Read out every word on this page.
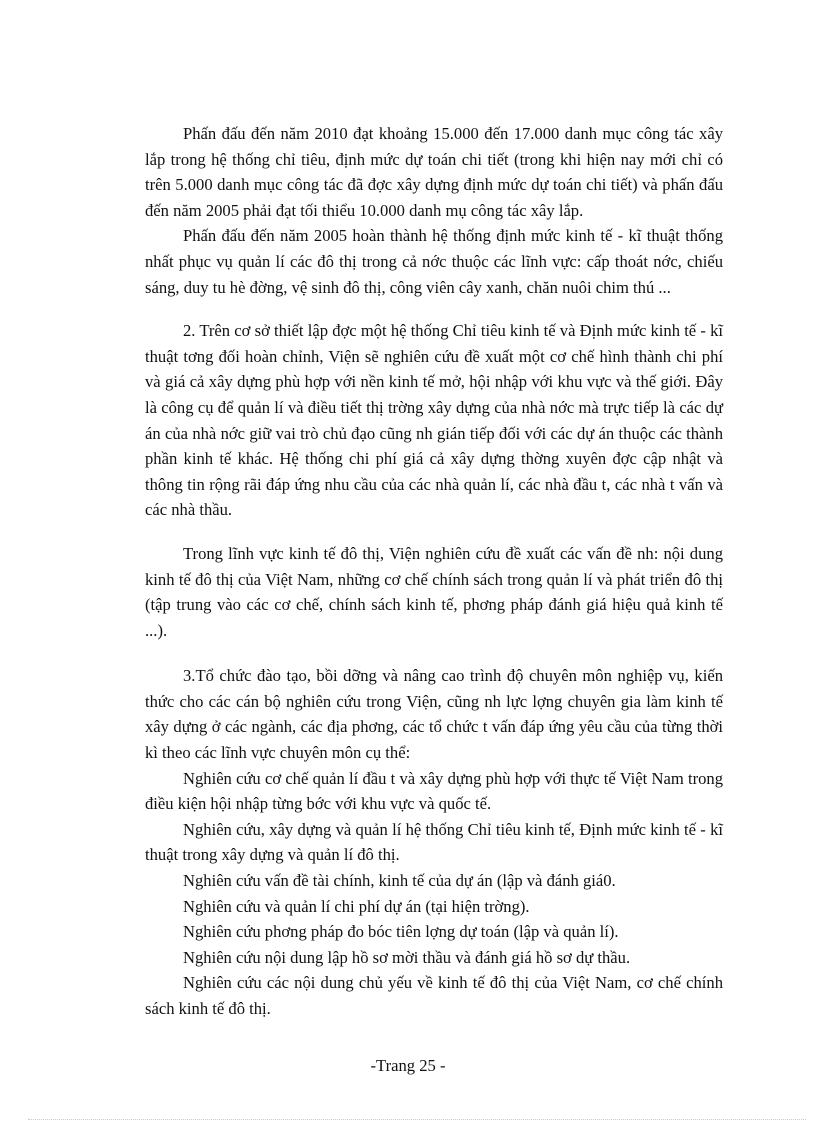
Phấn đấu đến năm 2010 đạt khoảng 15.000 đến 17.000 danh mục công tác xây lắp trong hệ thống chỉ tiêu, định mức dự toán chi tiết (trong khi hiện nay mới chỉ có trên 5.000 danh mục công tác đã đợc xây dựng định mức dự toán chi tiết) và phấn đấu đến năm 2005 phải đạt tối thiểu 10.000 danh mụ công tác xây lắp.

Phấn đấu đến năm 2005 hoàn thành hệ thống định mức kinh tế - kĩ thuật thống nhất phục vụ quản lí các đô thị trong cả nớc thuộc các lĩnh vực: cấp thoát nớc, chiếu sáng, duy tu hè đờng, vệ sinh đô thị, công viên cây xanh, chăn nuôi chim thú ...

2. Trên cơ sở thiết lập đợc một hệ thống Chỉ tiêu kinh tế và Định mức kinh tế - kĩ thuật tơng đối hoàn chỉnh, Viện sẽ nghiên cứu đề xuất một cơ chế hình thành chi phí và giá cả xây dựng phù hợp với nền kinh tế mở, hội nhập với khu vực và thế giới. Đây là công cụ để quản lí và điều tiết thị trờng xây dựng của nhà nớc mà trực tiếp là các dự án của nhà nớc giữ vai trò chủ đạo cũng nh gián tiếp đối với các dự án thuộc các thành phần kinh tế khác. Hệ thống chi phí giá cả xây dựng thờng xuyên đợc cập nhật và thông tin rộng rãi đáp ứng nhu cầu của các nhà quản lí, các nhà đầu t, các nhà t vấn và các nhà thầu.

Trong lĩnh vực kinh tế đô thị, Viện nghiên cứu đề xuất các vấn đề nh: nội dung kinh tế đô thị của Việt Nam, những cơ chế chính sách trong quản lí và phát triển đô thị (tập trung vào các cơ chế, chính sách kinh tế, phơng pháp đánh giá hiệu quả kinh tế ...).

3.Tổ chức đào tạo, bồi dỡng và nâng cao trình độ chuyên môn nghiệp vụ, kiến thức cho các cán bộ nghiên cứu trong Viện, cũng nh lực lợng chuyên gia làm kinh tế xây dựng ở các ngành, các địa phơng, các tổ chức t vấn đáp ứng yêu cầu của từng thời kì theo các lĩnh vực chuyên môn cụ thể:

Nghiên cứu cơ chế quản lí đầu t và xây dựng phù hợp với thực tế Việt Nam trong điều kiện hội nhập từng bớc với khu vực và quốc tế.

Nghiên cứu, xây dựng và quản lí hệ thống Chỉ tiêu kinh tế, Định mức kinh tế - kĩ thuật trong xây dựng và quản lí đô thị.

Nghiên cứu vấn đề tài chính, kinh tế của dự án (lập và đánh giá0.

Nghiên cứu và quản lí chi phí dự án (tại hiện trờng).

Nghiên cứu phơng pháp đo bóc tiên lợng dự toán (lập và quản lí).

Nghiên cứu nội dung lập hồ sơ mời thầu và đánh giá hồ sơ dự thầu.

Nghiên cứu các nội dung chủ yếu về kinh tế đô thị của Việt Nam, cơ chế chính sách kinh tế đô thị.

-Trang 25 -
